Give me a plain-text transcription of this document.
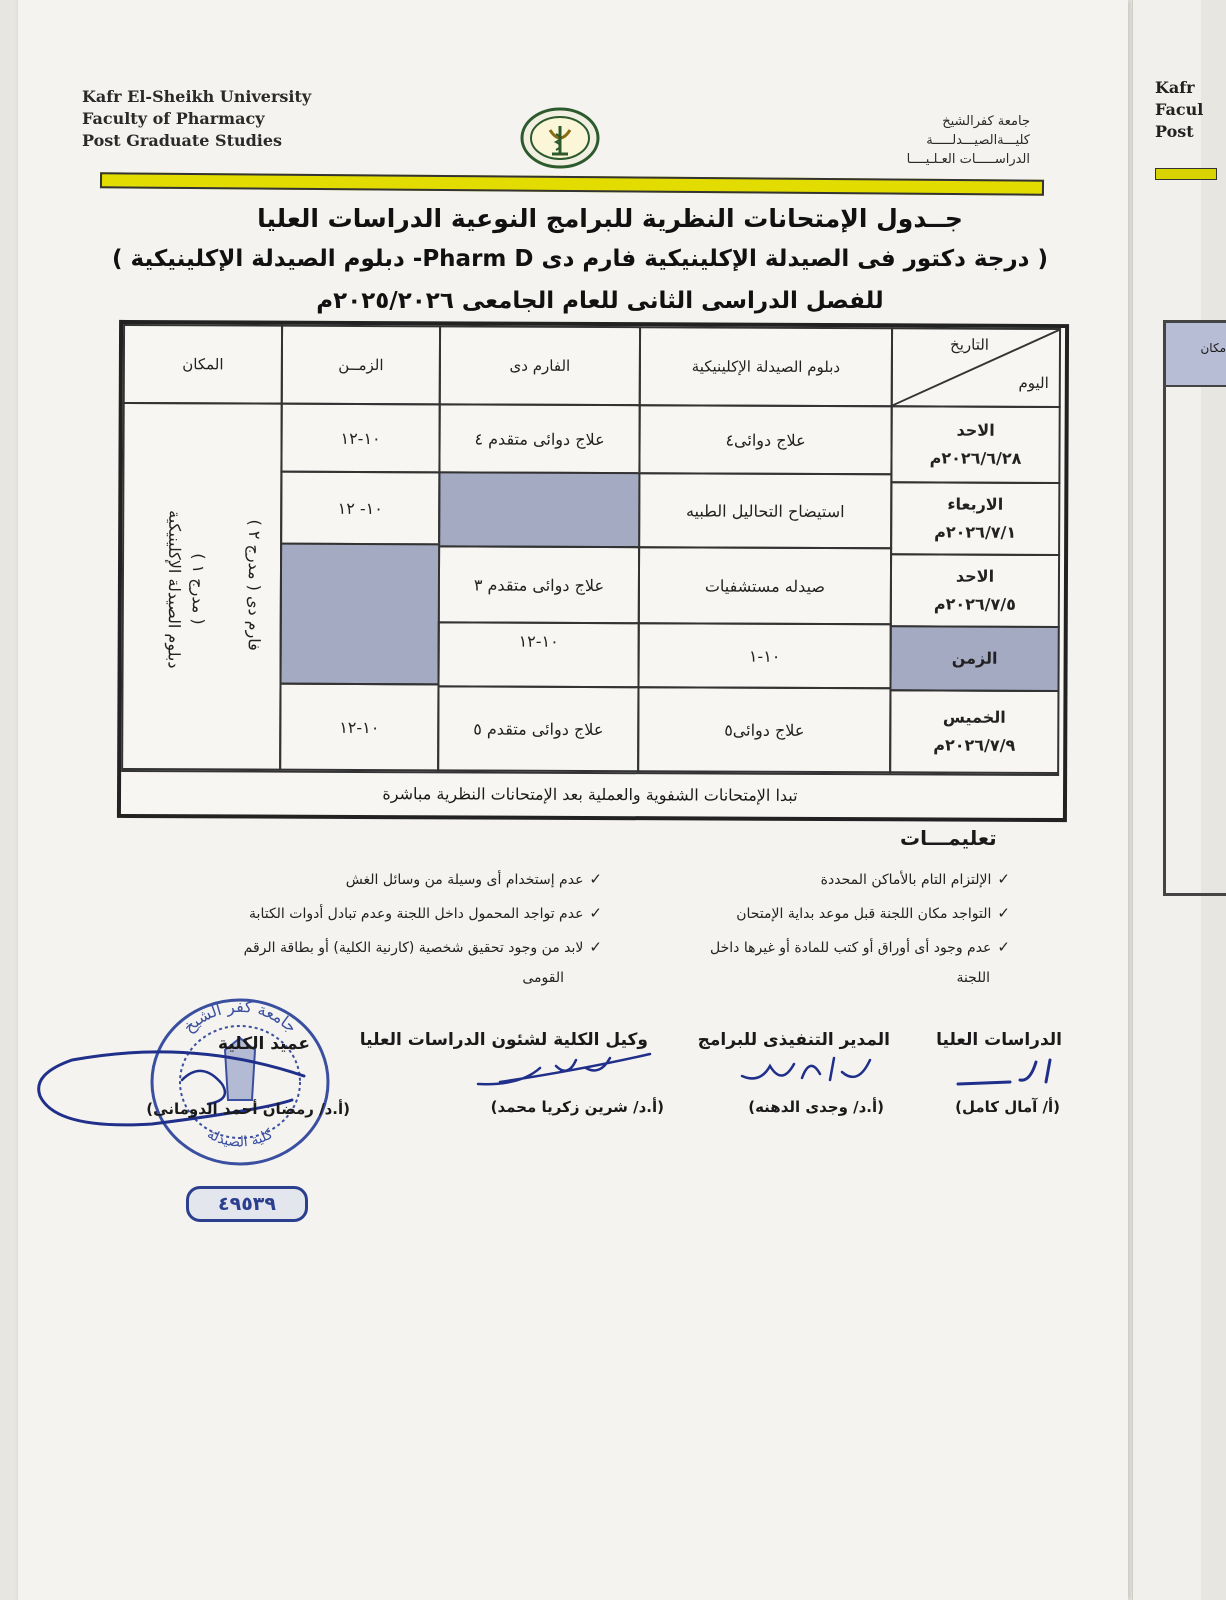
Kafr
Facul
Post
مكان
Kafr El-Sheikh University
Faculty of Pharmacy
Post Graduate Studies
جامعة كفرالشيخ
كليـــةالصيـــدلـــــة
الدراســـــات العـلـيــــا
جــدول الإمتحانات النظرية للبرامج النوعية الدراسات العليا
( درجة دكتور فى الصيدلة الإكلينيكية فارم دى Pharm D- دبلوم الصيدلة الإكلينيكية )
للفصل الدراسى الثانى للعام الجامعى ٢٠٢٥/٢٠٢٦م
التاريخ
اليوم
دبلوم الصيدلة الإكلينيكية
الفارم دى
الزمــن
المكان
الاحد
٢٠٢٦/٦/٢٨م
علاج دوائى٤
علاج دوائى متقدم ٤
١٠-١٢
الاربعاء
٢٠٢٦/٧/١م
استيضاح التحاليل الطبيه
١٠- ١٢
الاحد
٢٠٢٦/٧/٥م
صيدله مستشفيات
علاج دوائى متقدم ٣
الزمن
١٠-١
١٠-١٢
الخميس
٢٠٢٦/٧/٩م
علاج دوائى٥
علاج دوائى متقدم ٥
١٠-١٢
دبلوم الصيدلة الإكلينيكية ( مدرج ١ )
فارم دى ( مدرج ٢ )
تبدا الإمتحانات الشفوية والعملية بعد الإمتحانات النظرية مباشرة
تعليمـــات
✓الإلتزام التام بالأماكن المحددة
✓التواجد مكان اللجنة قبل موعد بداية الإمتحان
✓عدم وجود أى أوراق أو كتب للمادة أو غيرها داخل
اللجنة
✓عدم إستخدام أى وسيلة من وسائل الغش
✓عدم تواجد المحمول داخل اللجنة وعدم تبادل أدوات الكتابة
✓لابد من وجود تحقيق شخصية (كارنية الكلية) أو بطاقة الرقم
القومى
جامعة كفر الشيخ
كلية الصيدلة
٤٩٥٣٩
الدراسات العليا
المدير التنفيذى للبرامج
وكيل الكلية لشئون الدراسات العليا
عميد الكلية
(أ/ آمال كامل)
(أ.د/ وجدى الدهنه)
(أ.د/ شرين زكريا محمد)
(أ.د/ رمضان أحمد الدومانى)
